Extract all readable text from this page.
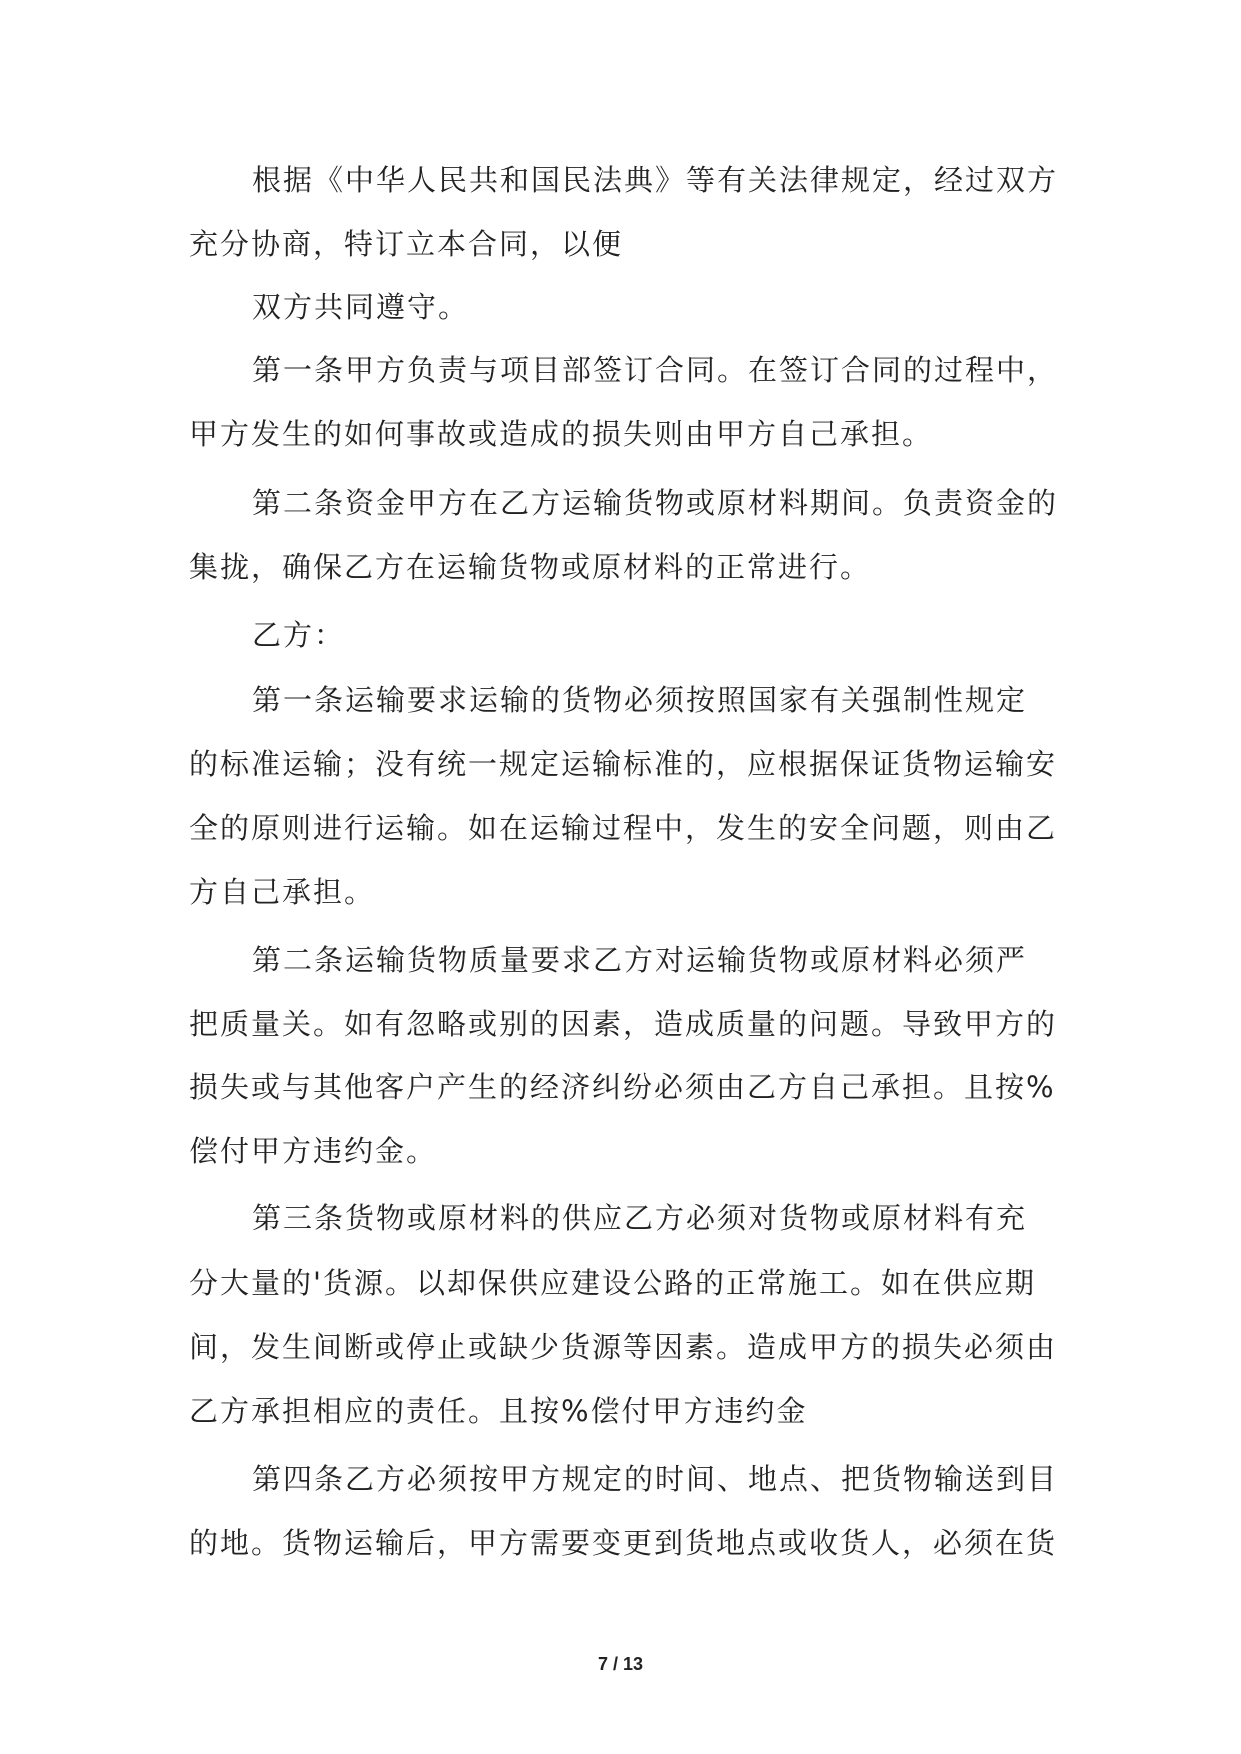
根据《中华人民共和国民法典》等有关法律规定，经过双方
充分协商，特订立本合同，以便
双方共同遵守。
第一条甲方负责与项目部签订合同。在签订合同的过程中，
甲方发生的如何事故或造成的损失则由甲方自己承担。
第二条资金甲方在乙方运输货物或原材料期间。负责资金的
集拢，确保乙方在运输货物或原材料的正常进行。
乙方：
第一条运输要求运输的货物必须按照国家有关强制性规定
的标准运输；没有统一规定运输标准的，应根据保证货物运输安
全的原则进行运输。如在运输过程中，发生的安全问题，则由乙
方自己承担。
第二条运输货物质量要求乙方对运输货物或原材料必须严
把质量关。如有忽略或别的因素，造成质量的问题。导致甲方的
损失或与其他客户产生的经济纠纷必须由乙方自己承担。且按%
偿付甲方违约金。
第三条货物或原材料的供应乙方必须对货物或原材料有充
分大量的'货源。以却保供应建设公路的正常施工。如在供应期
间，发生间断或停止或缺少货源等因素。造成甲方的损失必须由
乙方承担相应的责任。且按%偿付甲方违约金
第四条乙方必须按甲方规定的时间、地点、把货物输送到目
的地。货物运输后，甲方需要变更到货地点或收货人，必须在货
7 / 13
